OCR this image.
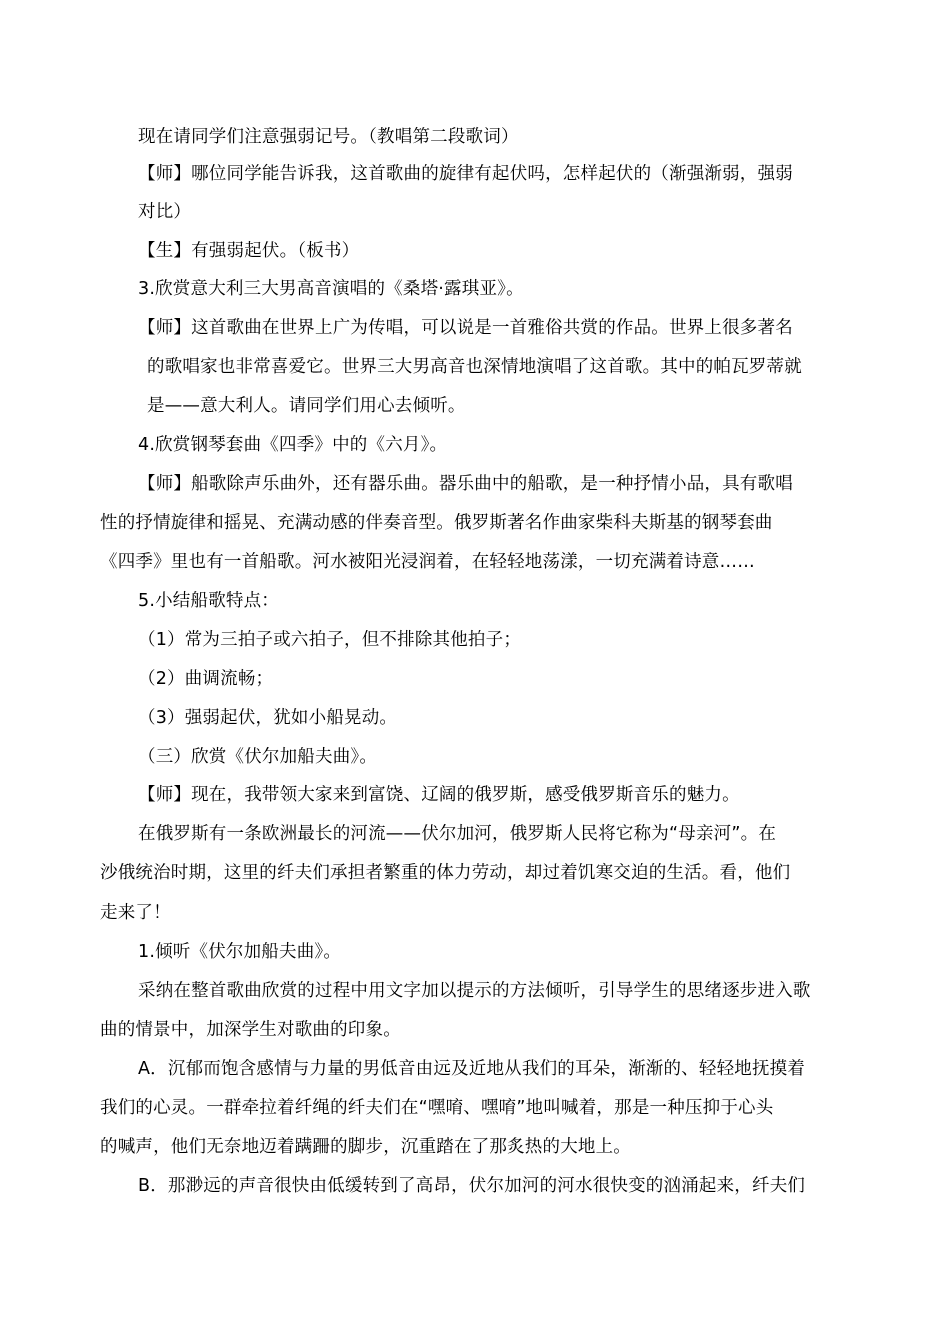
现在请同学们注意强弱记号。（教唱第二段歌词）
【师】哪位同学能告诉我，这首歌曲的旋律有起伏吗，怎样起伏的（渐强渐弱，强弱
对比）
【生】有强弱起伏。（板书）
3.欣赏意大利三大男高音演唱的《桑塔·露琪亚》。
【师】这首歌曲在世界上广为传唱，可以说是一首雅俗共赏的作品。世界上很多著名
的歌唱家也非常喜爱它。世界三大男高音也深情地演唱了这首歌。其中的帕瓦罗蒂就
是——意大利人。请同学们用心去倾听。
4.欣赏钢琴套曲《四季》中的《六月》。
【师】船歌除声乐曲外，还有器乐曲。器乐曲中的船歌，是一种抒情小品，具有歌唱
性的抒情旋律和摇晃、充满动感的伴奏音型。俄罗斯著名作曲家柴科夫斯基的钢琴套曲
《四季》里也有一首船歌。河水被阳光浸润着，在轻轻地荡漾，一切充满着诗意……
5.小结船歌特点：
（1）常为三拍子或六拍子，但不排除其他拍子；
（2）曲调流畅；
（3）强弱起伏，犹如小船晃动。
（三）欣赏《伏尔加船夫曲》。
【师】现在，我带领大家来到富饶、辽阔的俄罗斯，感受俄罗斯音乐的魅力。
在俄罗斯有一条欧洲最长的河流——伏尔加河，俄罗斯人民将它称为“母亲河”。在
沙俄统治时期，这里的纤夫们承担者繁重的体力劳动，却过着饥寒交迫的生活。看，他们
走来了！
1.倾听《伏尔加船夫曲》。
采纳在整首歌曲欣赏的过程中用文字加以提示的方法倾听，引导学生的思绪逐步进入歌
曲的情景中，加深学生对歌曲的印象。
A．沉郁而饱含感情与力量的男低音由远及近地从我们的耳朵，渐渐的、轻轻地抚摸着
我们的心灵。一群牵拉着纤绳的纤夫们在“嘿唷、嘿唷”地叫喊着，那是一种压抑于心头
的喊声，他们无奈地迈着蹒跚的脚步，沉重踏在了那炙热的大地上。
B．那渺远的声音很快由低缓转到了高昂，伏尔加河的河水很快变的汹涌起来，纤夫们
